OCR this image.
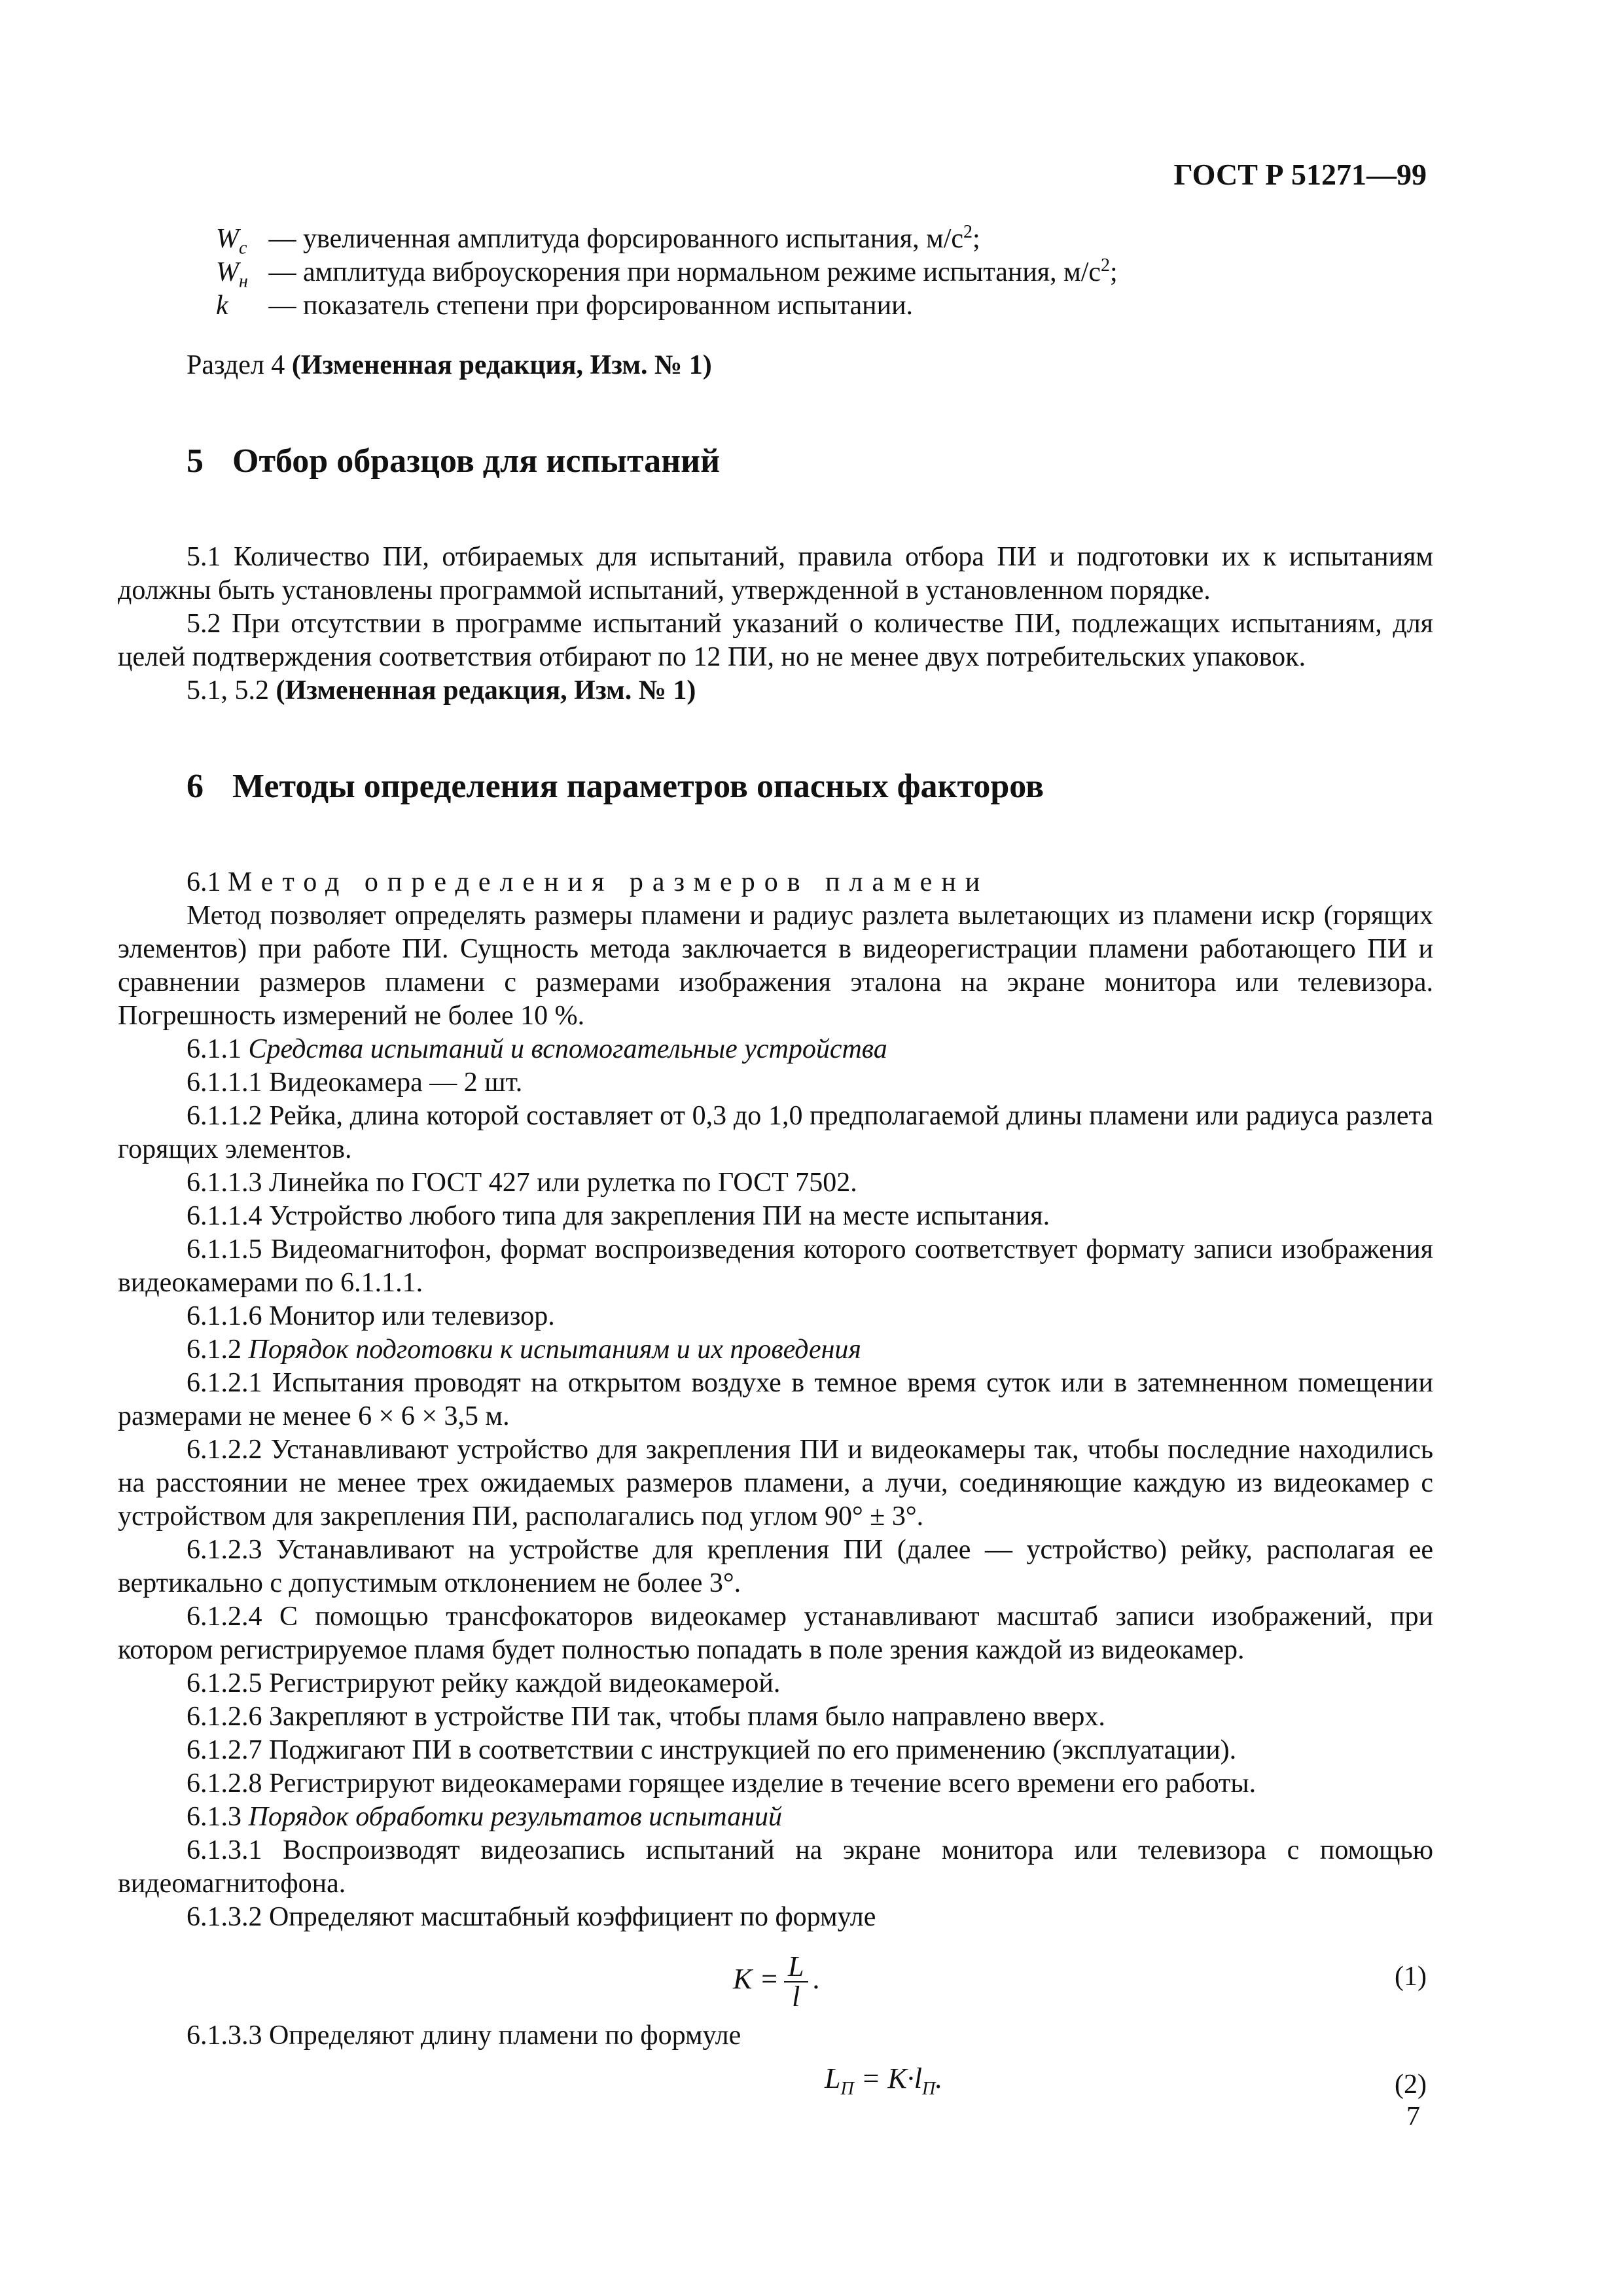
ГОСТ Р 51271—99

$W_c$ — увеличенная амплитуда форсированного испытания, $м/с^2$;

$W_н$ — амплитуда виброускорения при нормальном режиме испытания, $м/с^2$;

k — показатель степени при форсированном испытании.

Раздел 4 (Измененная редакция, Изм. № 1)

5 Отбор образцов для испытаний

5.1 Количество ПИ, отбираемых для испытаний, правила отбора ПИ и подготовки их к испытаниям должны быть установлены программой испытаний, утвержденной в установленном порядке.

5.2 При отсутствии в программе испытаний указаний о количестве ПИ, подлежащих испытаниям, для целей подтверждения соответствия отбирают по 12 ПИ, но не менее двух потребительских упаковок.

5.1, 5.2 (Измененная редакция, Изм. № 1)

6 Методы определения параметров опасных факторов

6.1 Метод определения размеров пламени

Метод позволяет определять размеры пламени и радиус разлета вылетающих из пламени искр (горящих элементов) при работе ПИ. Сущность метода заключается в видеорегистрации пламени работающего ПИ и сравнении размеров пламени с размерами изображения эталона на экране монитора или телевизора. Погрешность измерений не более 10 %.

6.1.1 Средства испытаний и вспомогательные устройства

6.1.1.1 Видеокамера — 2 шт.

6.1.1.2 Рейка, длина которой составляет от 0,3 до 1,0 предполагаемой длины пламени или радиуса разлета горящих элементов.

6.1.1.3 Линейка по ГОСТ 427 или рулетка по ГОСТ 7502.

6.1.1.4 Устройство любого типа для закрепления ПИ на месте испытания.

6.1.1.5 Видеомагнитофон, формат воспроизведения которого соответствует формату записи изображения видеокамерами по 6.1.1.1.

6.1.1.6 Монитор или телевизор.

6.1.2 Порядок подготовки к испытаниям и их проведения

6.1.2.1 Испытания проводят на открытом воздухе в темное время суток или в затемненном помещении размерами не менее 6 × 6 × 3,5 м.

6.1.2.2 Устанавливают устройство для закрепления ПИ и видеокамеры так, чтобы последние находились на расстоянии не менее трех ожидаемых размеров пламени, а лучи, соединяющие каждую из видеокамер с устройством для закрепления ПИ, располагались под углом 90° ± 3°.

6.1.2.3 Устанавливают на устройстве для крепления ПИ (далее — устройство) рейку, располагая ее вертикально с допустимым отклонением не более 3°.

6.1.2.4 С помощью трансфокаторов видеокамер устанавливают масштаб записи изображений, при котором регистрируемое пламя будет полностью попадать в поле зрения каждой из видеокамер.

6.1.2.5 Регистрируют рейку каждой видеокамерой.

6.1.2.6 Закрепляют в устройстве ПИ так, чтобы пламя было направлено вверх.

6.1.2.7 Поджигают ПИ в соответствии с инструкцией по его применению (эксплуатации).

6.1.2.8 Регистрируют видеокамерами горящее изделие в течение всего времени его работы.

6.1.3 Порядок обработки результатов испытаний

6.1.3.1 Воспроизводят видеозапись испытаний на экране монитора или телевизора с помощью видеомагнитофона.

6.1.3.2 Определяют масштабный коэффициент по формуле

$K = \frac{L}{l}$ .	(1)

6.1.3.3 Определяют длину пламени по формуле

$L_П = K\cdot l_П$.	(2)
7
